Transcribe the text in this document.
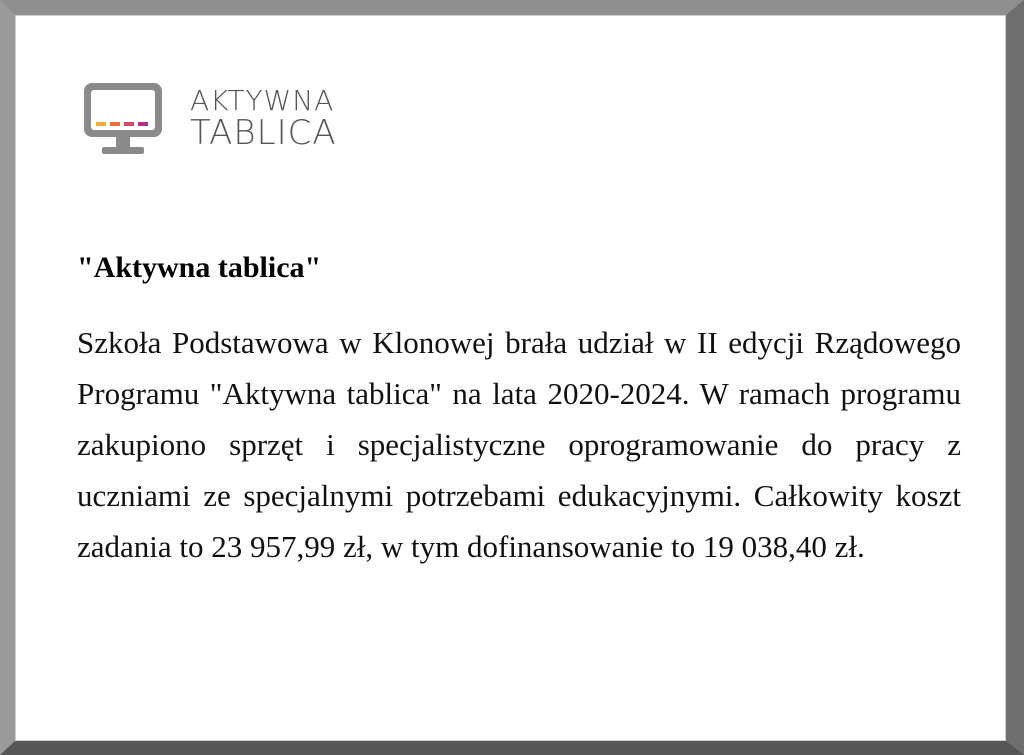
AKTYWNA
TABLICA
"Aktywna tablica"

Szkoła Podstawowa w Klonowej brała udział w II edycji Rządowego Programu "Aktywna tablica" na lata 2020-2024. W ramach programu zakupiono sprzęt i specjalistyczne oprogramowanie do pracy z uczniami ze specjalnymi potrzebami edukacyjnymi. Całkowity koszt zadania to 23 957,99 zł, w tym dofinansowanie to 19 038,40 zł.
